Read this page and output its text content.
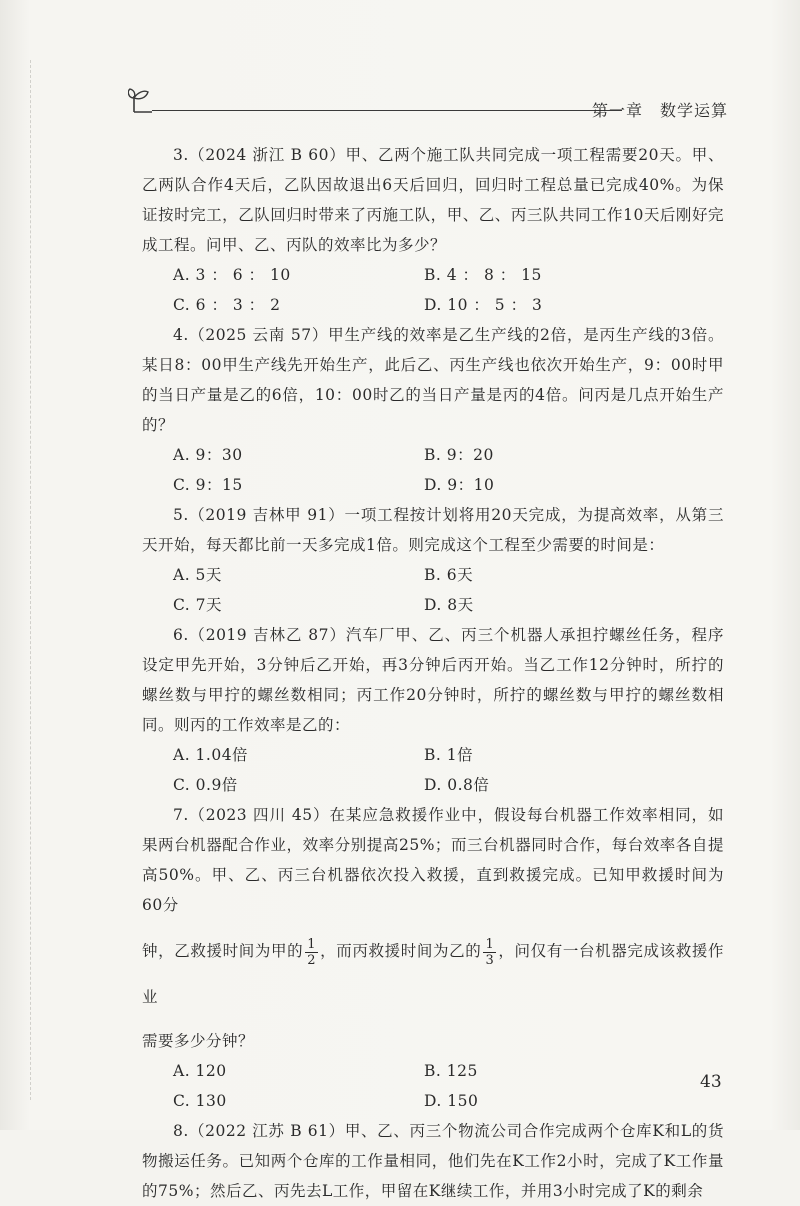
第一章　数学运算

3.（2024 浙江 B 60）甲、乙两个施工队共同完成一项工程需要20天。甲、乙两队合作4天后，乙队因故退出6天后回归，回归时工程总量已完成40%。为保证按时完工，乙队回归时带来了丙施工队，甲、乙、丙三队共同工作10天后刚好完成工程。问甲、乙、丙队的效率比为多少？

A. 3 ： 6 ： 10	B. 4 ： 8 ： 15
C. 6 ： 3 ： 2	D. 10 ： 5 ： 3

4.（2025 云南 57）甲生产线的效率是乙生产线的2倍，是丙生产线的3倍。某日8：00甲生产线先开始生产，此后乙、丙生产线也依次开始生产，9：00时甲的当日产量是乙的6倍，10：00时乙的当日产量是丙的4倍。问丙是几点开始生产的？

A. 9：30	B. 9：20
C. 9：15	D. 9：10

5.（2019 吉林甲 91）一项工程按计划将用20天完成，为提高效率，从第三天开始，每天都比前一天多完成1倍。则完成这个工程至少需要的时间是：

A. 5天	B. 6天
C. 7天	D. 8天

6.（2019 吉林乙 87）汽车厂甲、乙、丙三个机器人承担拧螺丝任务，程序设定甲先开始，3分钟后乙开始，再3分钟后丙开始。当乙工作12分钟时，所拧的螺丝数与甲拧的螺丝数相同；丙工作20分钟时，所拧的螺丝数与甲拧的螺丝数相同。则丙的工作效率是乙的：

A. 1.04倍	B. 1倍
C. 0.9倍	D. 0.8倍

7.（2023 四川 45）在某应急救援作业中，假设每台机器工作效率相同，如果两台机器配合作业，效率分别提高25%；而三台机器同时合作，每台效率各自提高50%。甲、乙、丙三台机器依次投入救援，直到救援完成。已知甲救援时间为60分

钟，乙救援时间为甲的 $\frac{1}{2}$ ，而丙救援时间为乙的 $\frac{1}{3}$ ，问仅有一台机器完成该救援作业

需要多少分钟？

A. 120	B. 125
C. 130	D. 150

8.（2022 江苏 B 61）甲、乙、丙三个物流公司合作完成两个仓库K和L的货物搬运任务。已知两个仓库的工作量相同，他们先在K工作2小时，完成了K工作量的75%；然后乙、丙先去L工作，甲留在K继续工作，并用3小时完成了K的剩余

43
